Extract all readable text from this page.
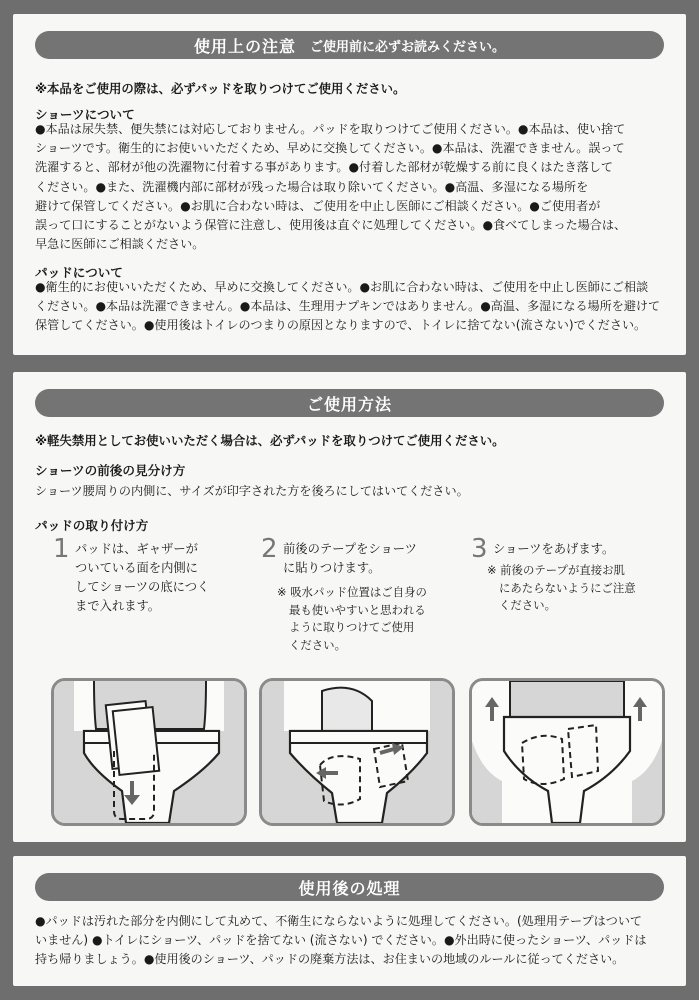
使用上の注意 ご使用前に必ずお読みください。
※本品をご使用の際は、必ずパッドを取りつけてご使用ください。
ショーツについて
●本品は尿失禁、便失禁には対応しておりません。パッドを取りつけてご使用ください。●本品は、使い捨て
ショーツです。衛生的にお使いいただくため、早めに交換してください。●本品は、洗濯できません。誤って
洗濯すると、部材が他の洗濯物に付着する事があります。●付着した部材が乾燥する前に良くはたき落して
ください。●また、洗濯機内部に部材が残った場合は取り除いてください。●高温、多湿になる場所を
避けて保管してください。●お肌に合わない時は、ご使用を中止し医師にご相談ください。●ご使用者が
誤って口にすることがないよう保管に注意し、使用後は直ぐに処理してください。●食べてしまった場合は、
早急に医師にご相談ください。
パッドについて
●衛生的にお使いいただくため、早めに交換してください。●お肌に合わない時は、ご使用を中止し医師にご相談
ください。●本品は洗濯できません。●本品は、生理用ナプキンではありません。●高温、多湿になる場所を避けて
保管してください。●使用後はトイレのつまりの原因となりますので、トイレに捨てない(流さない)でください。
ご使用方法
※軽失禁用としてお使いいただく場合は、必ずパッドを取りつけてご使用ください。
ショーツの前後の見分け方
ショーツ腰周りの内側に、サイズが印字された方を後ろにしてはいてください。
パッドの取り付け方
1 パッドは、ギャザーが
ついている面を内側に
してショーツの底につく
まで入れます。
2 前後のテープをショーツ
に貼りつけます。
※ 吸水パッド位置はご自身の
最も使いやすいと思われる
ように取りつけてご使用
ください。
3 ショーツをあげます。
※ 前後のテープが直接お肌
にあたらないようにご注意
ください。
使用後の処理
●パッドは汚れた部分を内側にして丸めて、不衛生にならないように処理してください。(処理用テープはついて
いません) ●トイレにショーツ、パッドを捨てない (流さない) でください。●外出時に使ったショーツ、パッドは
持ち帰りましょう。●使用後のショーツ、パッドの廃棄方法は、お住まいの地域のルールに従ってください。
